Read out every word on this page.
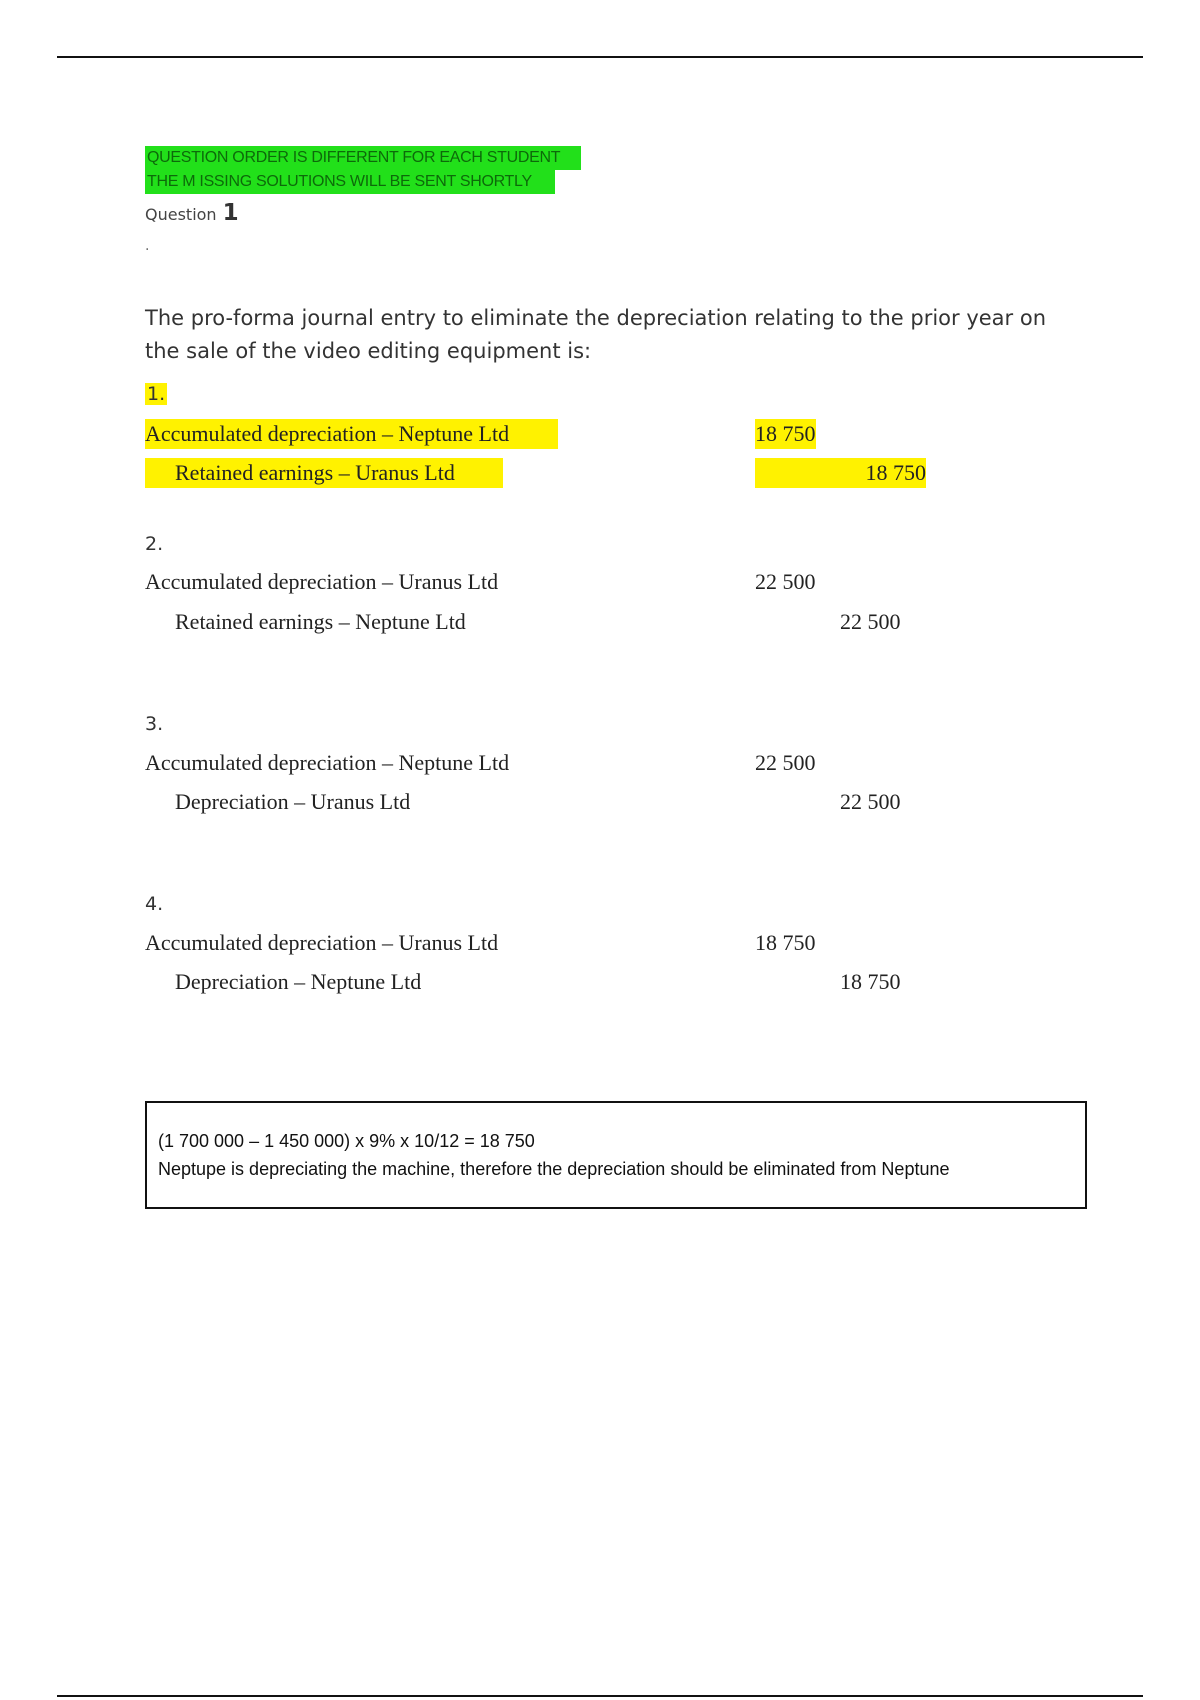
QUESTION ORDER IS DIFFERENT FOR EACH STUDENT
THE M ISSING SOLUTIONS WILL BE SENT SHORTLY
Question 1
.
The pro-forma journal entry to eliminate the depreciation relating to the prior year on the sale of the video editing equipment is:
1.
Accumulated depreciation – Neptune Ltd	18 750
Retained earnings – Uranus Ltd	18 750
2.
Accumulated depreciation – Uranus Ltd	22 500
Retained earnings – Neptune Ltd	22 500
3.
Accumulated depreciation – Neptune Ltd	22 500
Depreciation – Uranus Ltd	22 500
4.
Accumulated depreciation – Uranus Ltd	18 750
Depreciation – Neptune Ltd	18 750
(1 700 000 – 1 450 000) x 9% x 10/12 = 18 750
Neptupe is depreciating the machine, therefore the depreciation should be eliminated from Neptune
